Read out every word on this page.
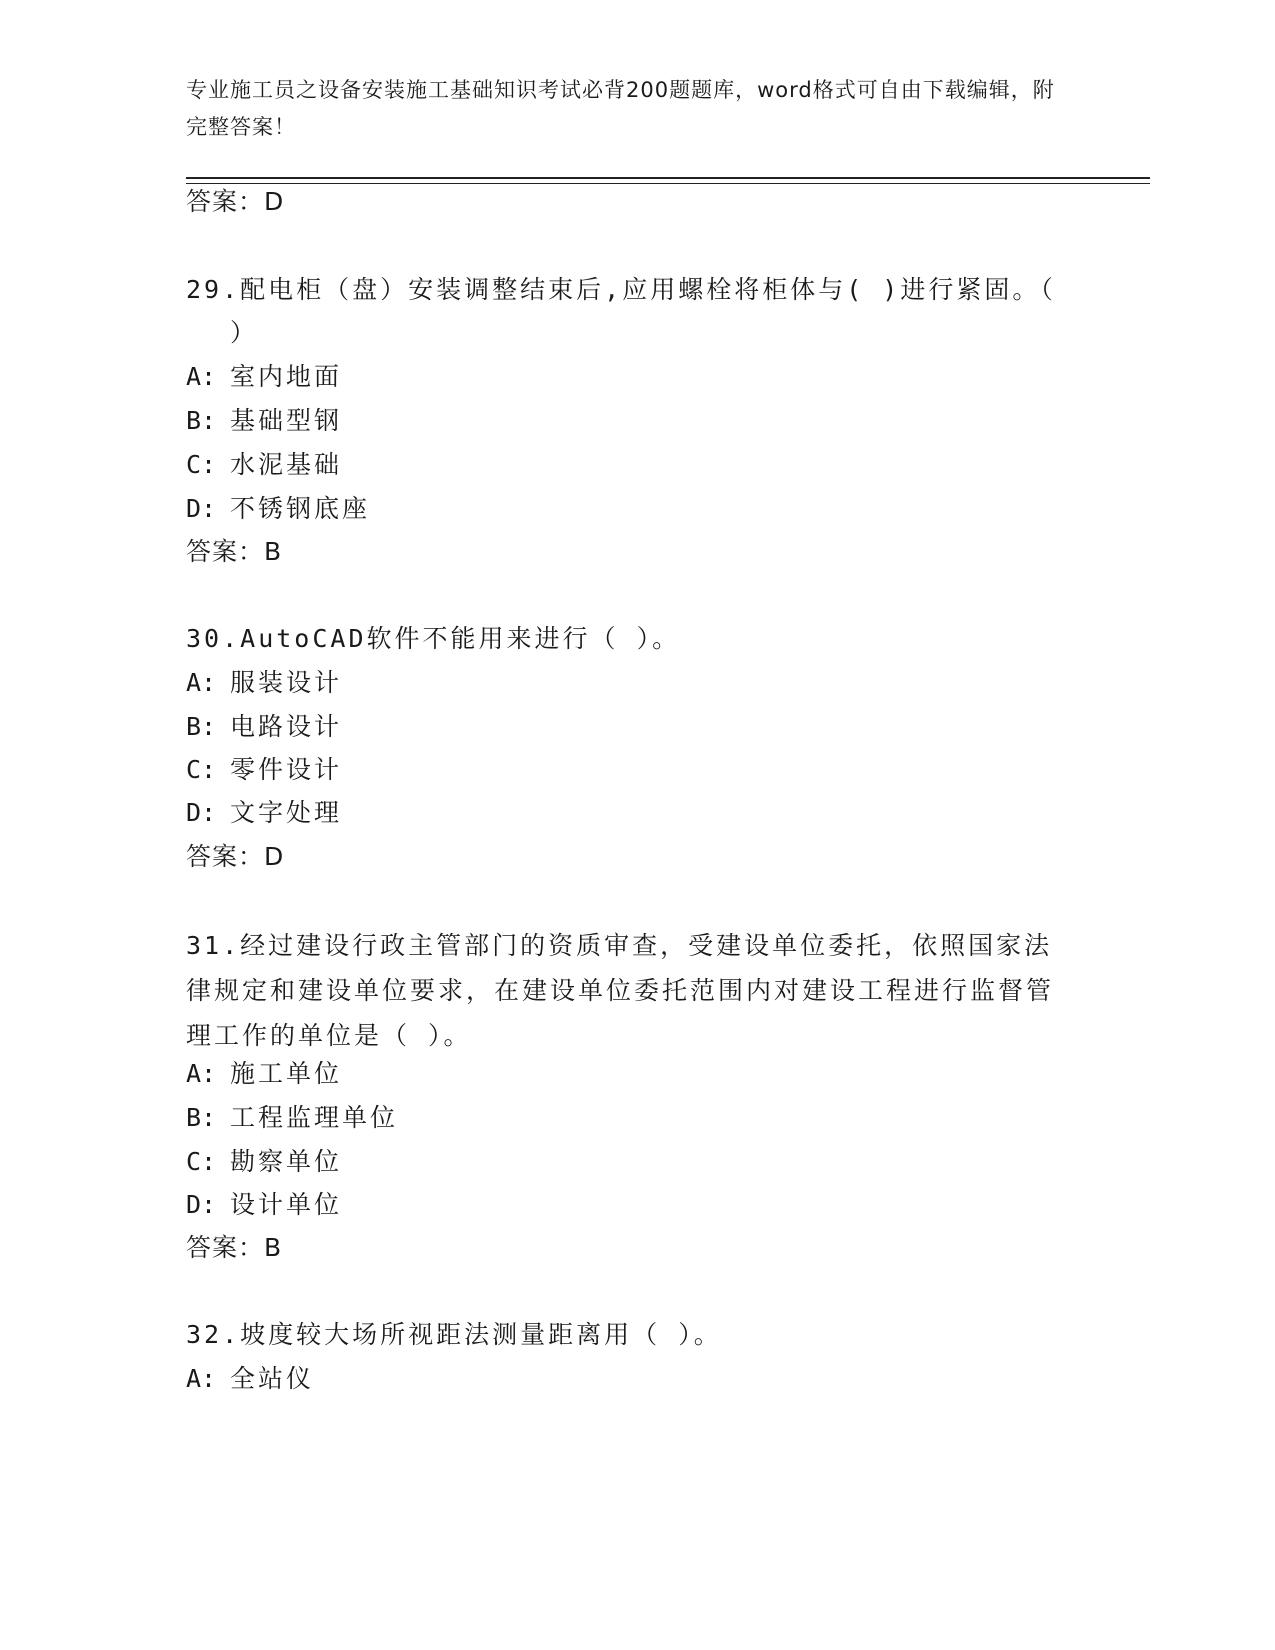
专业施工员之设备安装施工基础知识考试必背200题题库，word格式可自由下载编辑，附完整答案！
答案：D
29.配电柜（盘）安装调整结束后,应用螺栓将柜体与( )进行紧固。（
）
A: 室内地面
B: 基础型钢
C: 水泥基础
D: 不锈钢底座
答案：B
30.AutoCAD软件不能用来进行（ ）。
A: 服装设计
B: 电路设计
C: 零件设计
D: 文字处理
答案：D
31.经过建设行政主管部门的资质审查，受建设单位委托，依照国家法律规定和建设单位要求，在建设单位委托范围内对建设工程进行监督管理工作的单位是（ ）。
A: 施工单位
B: 工程监理单位
C: 勘察单位
D: 设计单位
答案：B
32.坡度较大场所视距法测量距离用（ ）。
A: 全站仪
